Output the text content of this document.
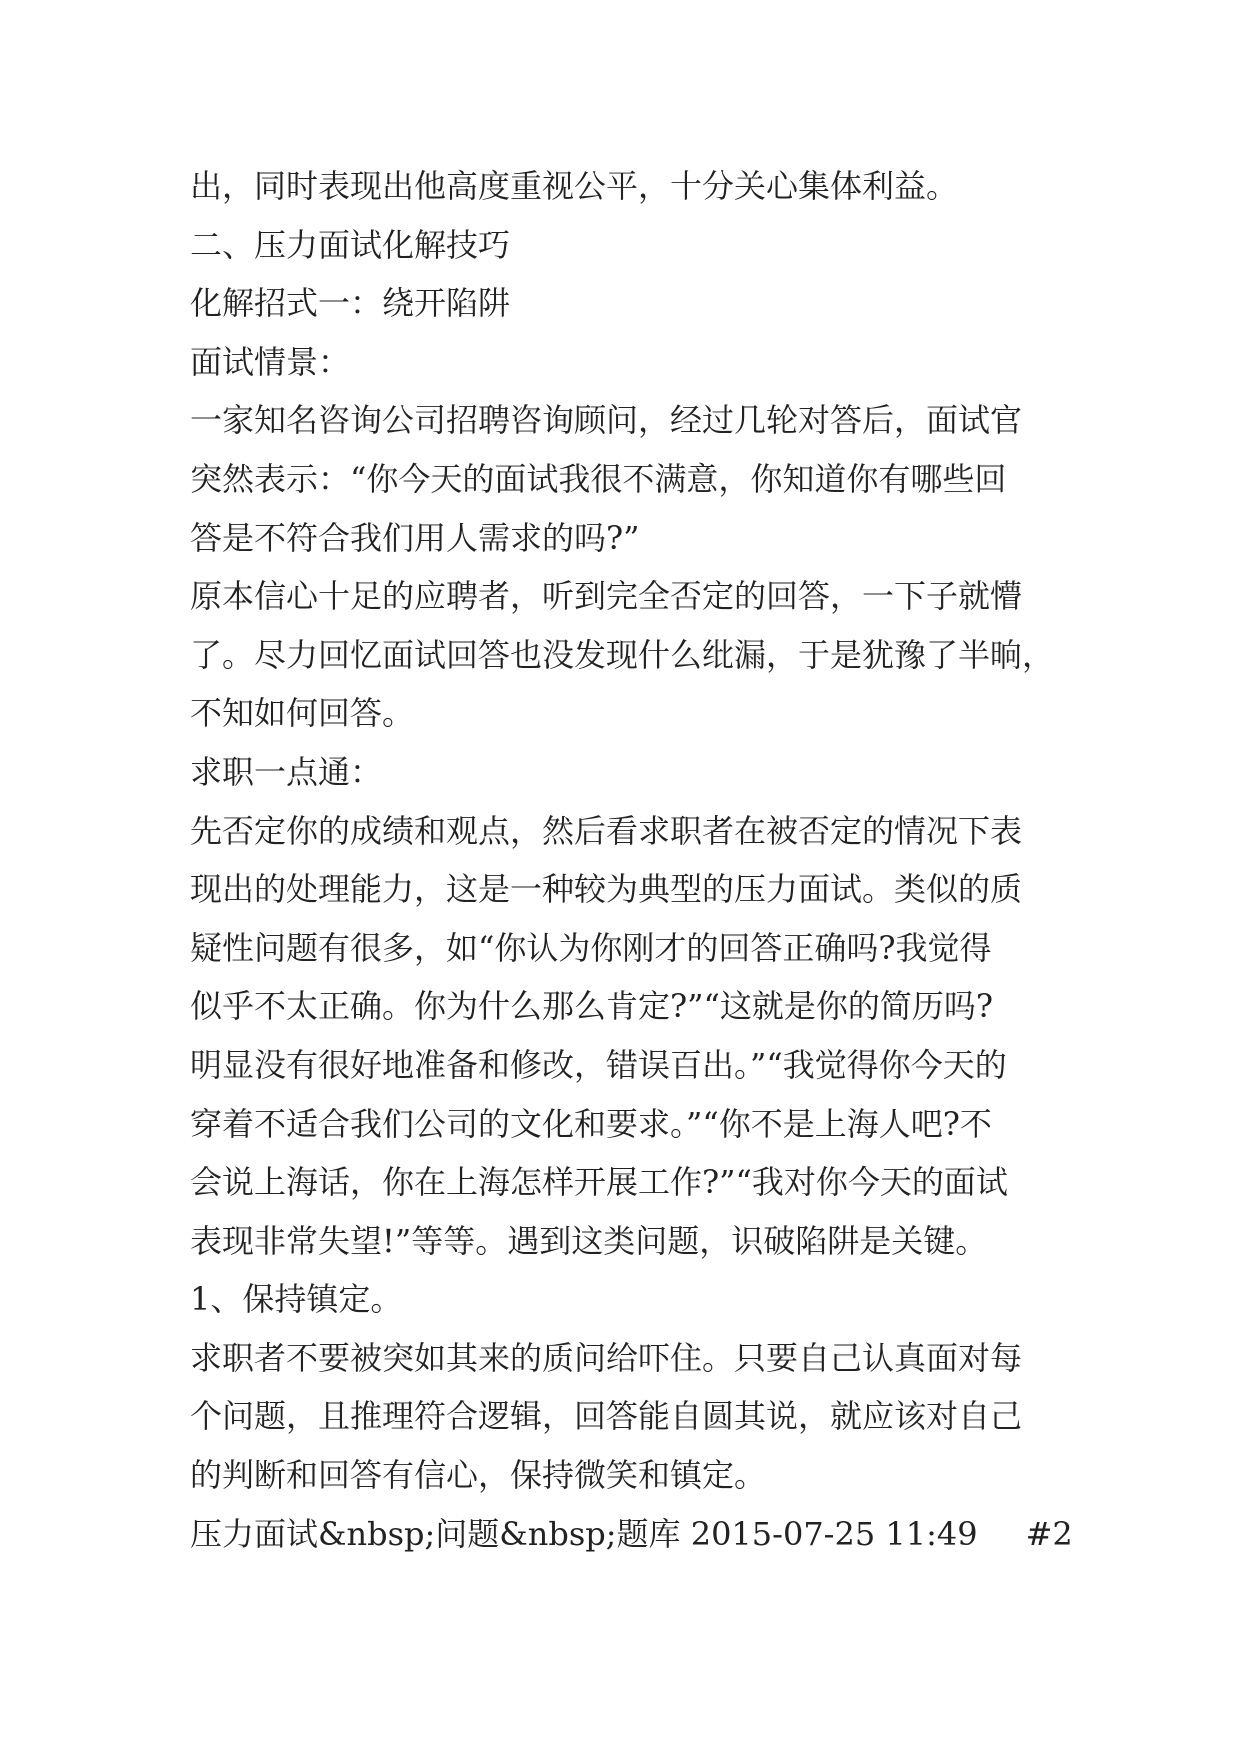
出，同时表现出他高度重视公平，十分关心集体利益。
二、压力面试化解技巧
化解招式一：绕开陷阱
面试情景：
一家知名咨询公司招聘咨询顾问，经过几轮对答后，面试官
突然表示：“你今天的面试我很不满意，你知道你有哪些回
答是不符合我们用人需求的吗?”
原本信心十足的应聘者，听到完全否定的回答，一下子就懵
了。尽力回忆面试回答也没发现什么纰漏，于是犹豫了半晌，
不知如何回答。
求职一点通：
先否定你的成绩和观点，然后看求职者在被否定的情况下表
现出的处理能力，这是一种较为典型的压力面试。类似的质
疑性问题有很多，如“你认为你刚才的回答正确吗?我觉得
似乎不太正确。你为什么那么肯定?”“这就是你的简历吗?
明显没有很好地准备和修改，错误百出。”“我觉得你今天的
穿着不适合我们公司的文化和要求。”“你不是上海人吧?不
会说上海话，你在上海怎样开展工作?”“我对你今天的面试
表现非常失望!”等等。遇到这类问题，识破陷阱是关键。
1、保持镇定。
求职者不要被突如其来的质问给吓住。只要自己认真面对每
个问题，且推理符合逻辑，回答能自圆其说，就应该对自己
的判断和回答有信心，保持微笑和镇定。
压力面试&nbsp;问题&nbsp;题库 2015-07-25 11:49 #2
